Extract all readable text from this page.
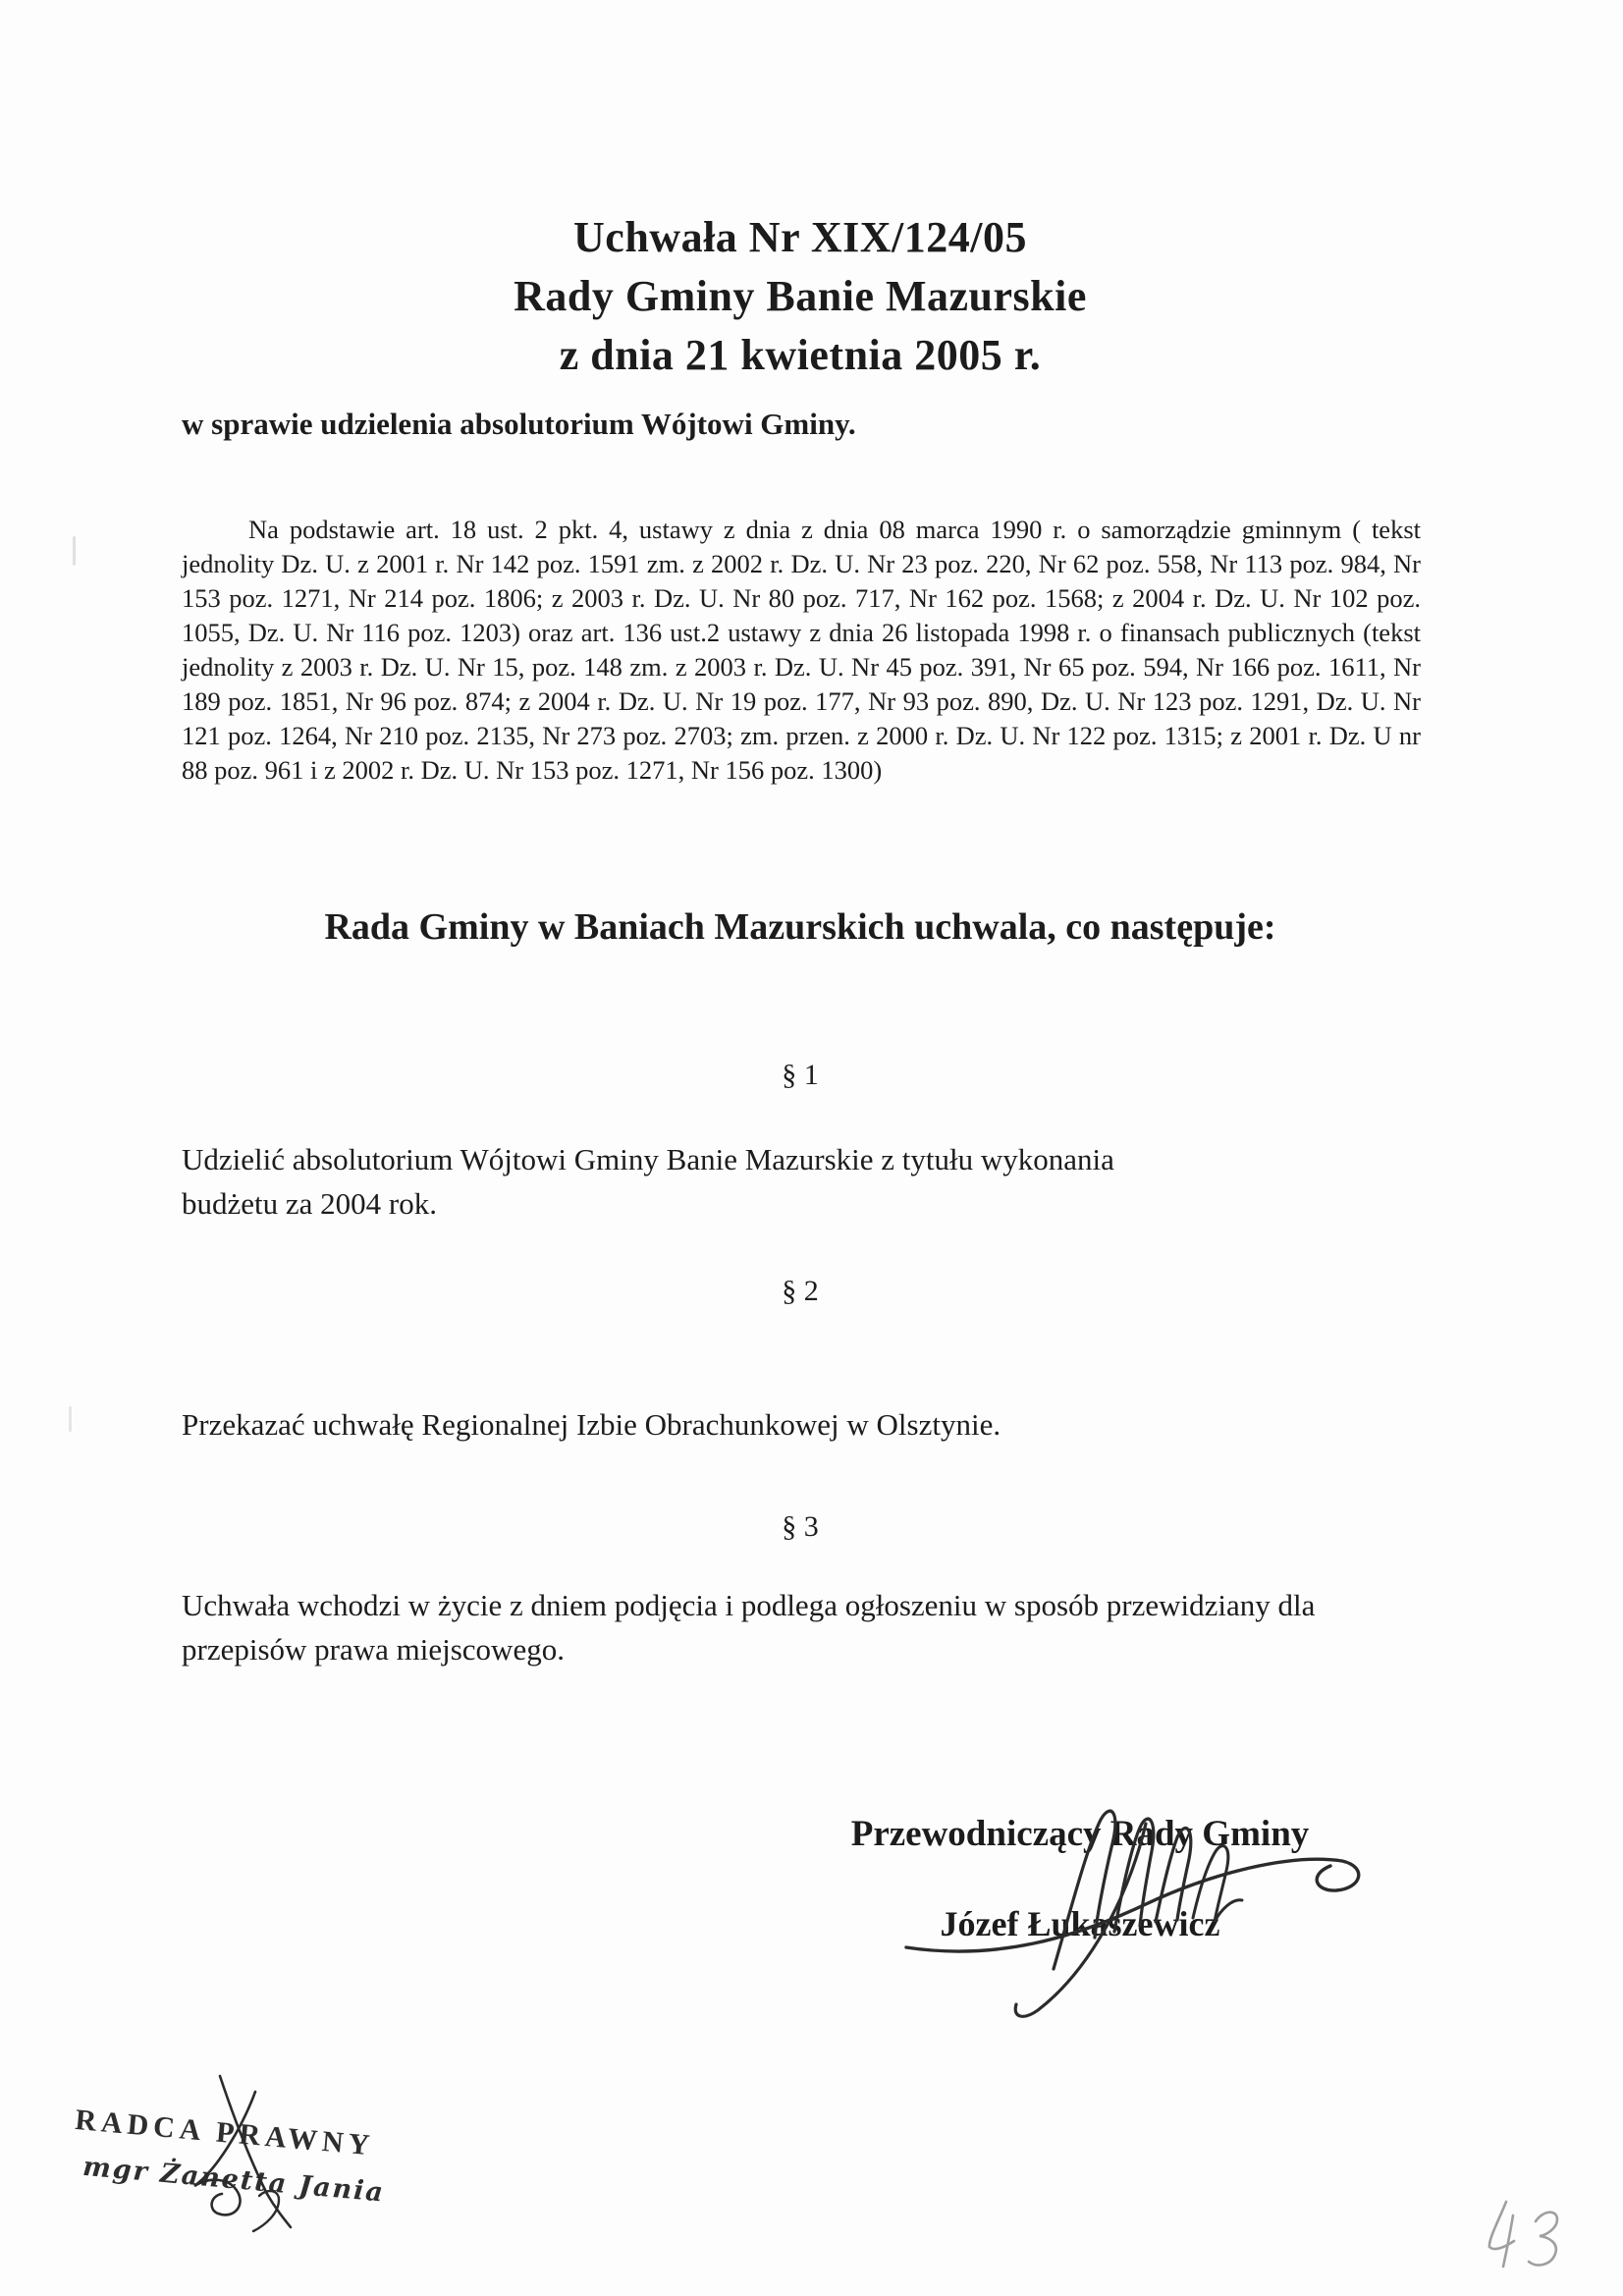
Uchwała Nr XIX/124/05
Rady Gminy Banie Mazurskie
z dnia 21 kwietnia 2005 r.
w sprawie udzielenia absolutorium Wójtowi Gminy.
Na podstawie art. 18 ust. 2 pkt. 4, ustawy z dnia z dnia 08 marca 1990 r. o samorządzie gminnym ( tekst jednolity Dz. U. z 2001 r. Nr 142 poz. 1591 zm. z 2002 r. Dz. U. Nr 23 poz. 220, Nr 62 poz. 558, Nr 113 poz. 984, Nr 153 poz. 1271, Nr 214 poz. 1806; z 2003 r. Dz. U. Nr 80 poz. 717, Nr 162 poz. 1568; z 2004 r. Dz. U. Nr 102 poz. 1055, Dz. U. Nr 116 poz. 1203) oraz art. 136 ust.2 ustawy z dnia 26 listopada 1998 r. o finansach publicznych (tekst jednolity z 2003 r. Dz. U. Nr 15, poz. 148 zm. z 2003 r. Dz. U. Nr 45 poz. 391, Nr 65 poz. 594, Nr 166 poz. 1611, Nr 189 poz. 1851, Nr 96 poz. 874; z 2004 r. Dz. U. Nr 19 poz. 177, Nr 93 poz. 890, Dz. U. Nr 123 poz. 1291, Dz. U. Nr 121 poz. 1264, Nr 210 poz. 2135, Nr 273 poz. 2703; zm. przen. z 2000 r. Dz. U. Nr 122 poz. 1315; z 2001 r. Dz. U nr 88 poz. 961 i z 2002 r. Dz. U. Nr 153 poz. 1271, Nr 156 poz. 1300)
Rada Gminy w Baniach Mazurskich uchwala, co następuje:
§ 1
Udzielić absolutorium Wójtowi Gminy Banie Mazurskie z tytułu wykonania budżetu za 2004 rok.
§ 2
Przekazać uchwałę Regionalnej Izbie Obrachunkowej w Olsztynie.
§ 3
Uchwała wchodzi w życie z dniem podjęcia i podlega ogłoszeniu w sposób przewidziany dla przepisów prawa miejscowego.
Przewodniczący Rady Gminy
Józef Łukaszewicz
RADCA PRAWNY
mgr Żanetta Jania
